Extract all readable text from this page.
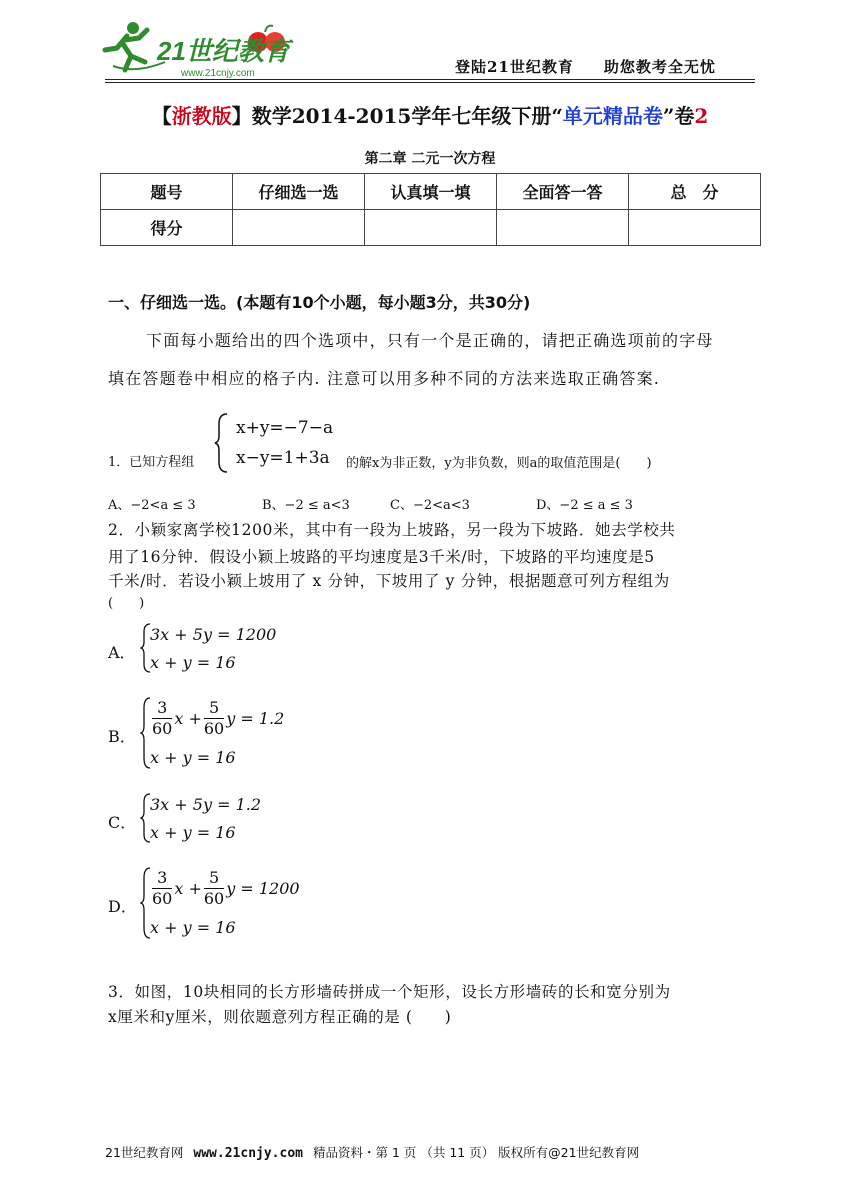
21世纪教育
www.21cnjy.com	登陆21世纪教育 助您教考全无忧
【浙教版】数学2014-2015学年七年级下册“单元精品卷”卷2
第二章 二元一次方程
题号	仔细选一选	认真填一填	全面答一答	总　分
得分				
一、仔细选一选。(本题有10个小题，每小题3分，共30分)
下面每小题给出的四个选项中，只有一个是正确的，请把正确选项前的字母
填在答题卷中相应的格子内. 注意可以用多种不同的方法来选取正确答案.
1．已知方程组
x+y=−7−a
x−y=1+3a 的解x为非正数，y为非负数，则a的取值范围是(　　)
A、−2<a ≤ 3	B、−2 ≤ a<3	C、−2<a<3	D、−2 ≤ a ≤ 3
2．小颖家离学校1200米，其中有一段为上坡路，另一段为下坡路．她去学校共
用了16分钟．假设小颖上坡路的平均速度是3千米/时，下坡路的平均速度是5
千米/时．若设小颖上坡用了 x 分钟，下坡用了 y 分钟，根据题意可列方程组为
(　　)
A．
3x + 5y = 1200
x + y = 16
B． $\frac{3}{60}$ $x + \frac{5}{60}$ y = 1.2
x + y = 16
C．
3x + 5y = 1.2
x + y = 16
D． $\frac{3}{60}$ $x + \frac{5}{60}$ y = 1200
x + y = 16
3．如图，10块相同的长方形墙砖拼成一个矩形，设长方形墙砖的长和宽分别为
x厘米和y厘米，则依题意列方程正确的是 (　　)
21世纪教育网 www.21cnjy.com 精品资料・第 1 页 （共 11 页） 版权所有@21世纪教育网
